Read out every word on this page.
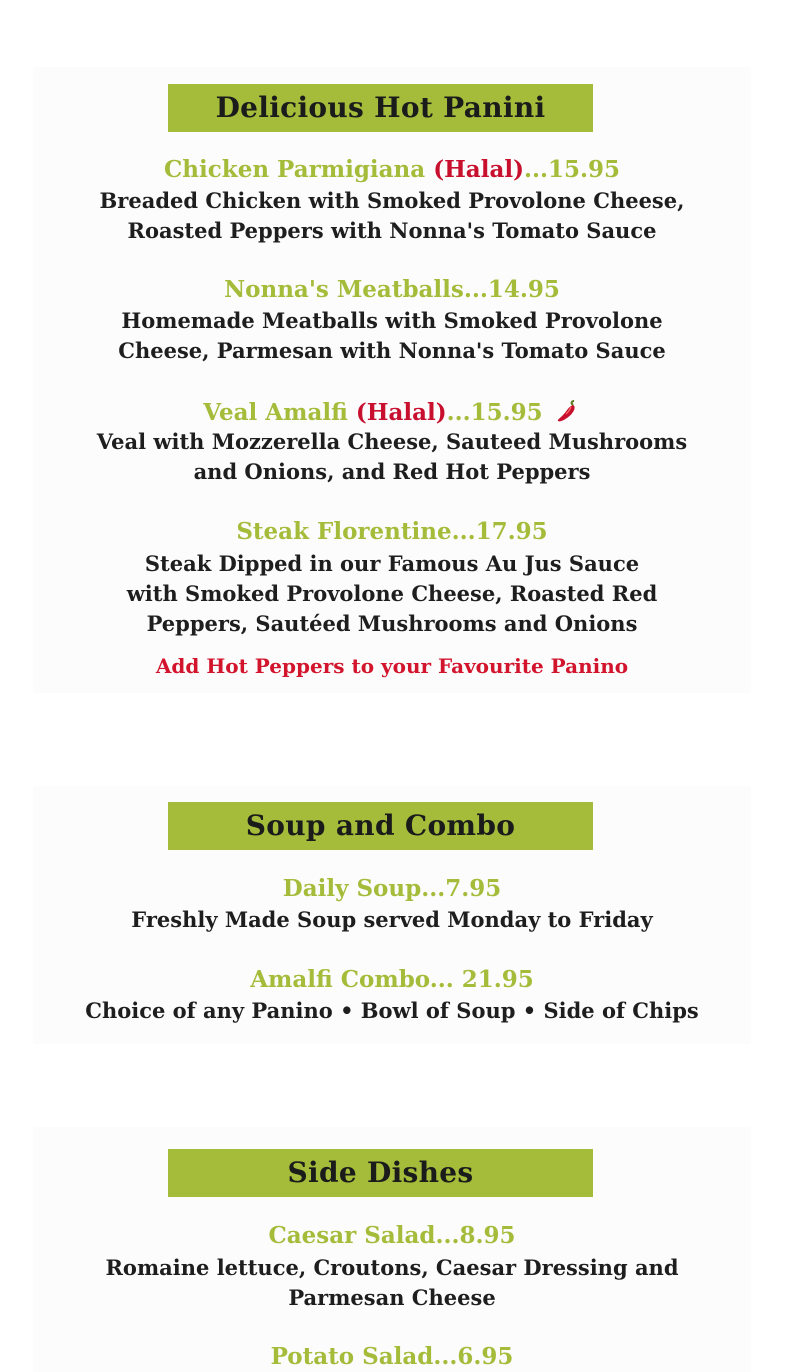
Delicious Hot Panini
Chicken Parmigiana (Halal)...15.95
Breaded Chicken with Smoked Provolone Cheese,
Roasted Peppers with Nonna's Tomato Sauce
Nonna's Meatballs...14.95
Homemade Meatballs with Smoked Provolone
Cheese, Parmesan with Nonna's Tomato Sauce
Veal Amalfi (Halal)...15.95
Veal with Mozzerella Cheese, Sauteed Mushrooms
and Onions, and Red Hot Peppers
Steak Florentine...17.95
Steak Dipped in our Famous Au Jus Sauce
with Smoked Provolone Cheese, Roasted Red
Peppers, Sautéed Mushrooms and Onions
Add Hot Peppers to your Favourite Panino
Soup and Combo
Daily Soup...7.95
Freshly Made Soup served Monday to Friday
Amalfi Combo... 21.95
Choice of any Panino • Bowl of Soup • Side of Chips
Side Dishes
Caesar Salad...8.95
Romaine lettuce, Croutons, Caesar Dressing and
Parmesan Cheese
Potato Salad...6.95
